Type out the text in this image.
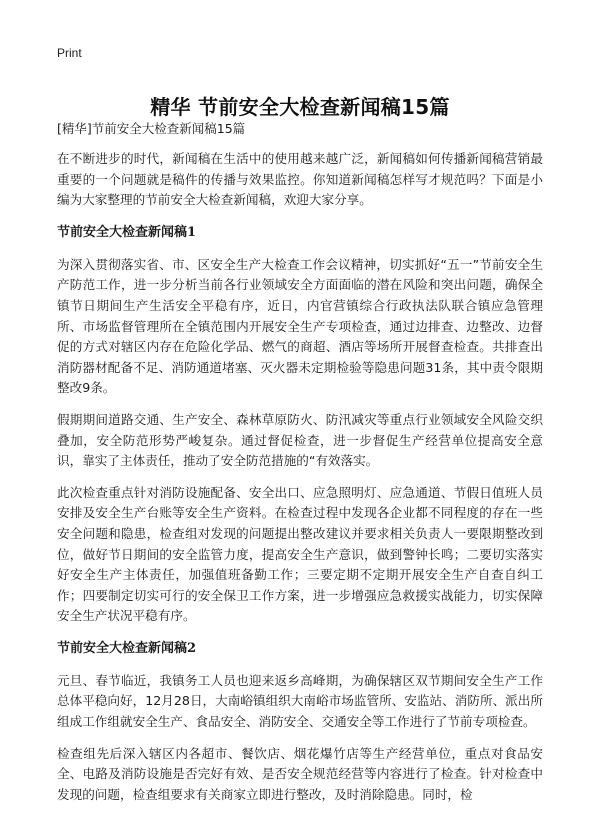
Print
精华 节前安全大检查新闻稿15篇
[精华]节前安全大检查新闻稿15篇

在不断进步的时代，新闻稿在生活中的使用越来越广泛，新闻稿如何传播新闻稿营销最重要的一个问题就是稿件的传播与效果监控。你知道新闻稿怎样写才规范吗？下面是小编为大家整理的节前安全大检查新闻稿，欢迎大家分享。

节前安全大检查新闻稿1

为深入贯彻落实省、市、区安全生产大检查工作会议精神，切实抓好“五一”节前安全生产防范工作，进一步分析当前各行业领域安全方面面临的潜在风险和突出问题，确保全镇节日期间生产生活安全平稳有序，近日，内官营镇综合行政执法队联合镇应急管理所、市场监督管理所在全镇范围内开展安全生产专项检查，通过边排查、边整改、边督促的方式对辖区内存在危险化学品、燃气的商超、酒店等场所开展督查检查。共排查出消防器材配备不足、消防通道堵塞、灭火器未定期检验等隐患问题31条，其中责令限期整改9条。

假期期间道路交通、生产安全、森林草原防火、防汛减灾等重点行业领域安全风险交织叠加，安全防范形势严峻复杂。通过督促检查，进一步督促生产经营单位提高安全意识，靠实了主体责任，推动了安全防范措施的“有效落实。

此次检查重点针对消防设施配备、安全出口、应急照明灯、应急通道、节假日值班人员安排及安全生产台账等安全生产资料。在检查过程中发现各企业都不同程度的存在一些安全问题和隐患，检查组对发现的问题提出整改建议并要求相关负责人一要限期整改到位，做好节日期间的安全监管力度，提高安全生产意识，做到警钟长鸣；二要切实落实好安全生产主体责任，加强值班备勤工作；三要定期不定期开展安全生产自查自纠工作；四要制定切实可行的安全保卫工作方案，进一步增强应急救援实战能力，切实保障安全生产状况平稳有序。

节前安全大检查新闻稿2

元旦、春节临近，我镇务工人员也迎来返乡高峰期，为确保辖区双节期间安全生产工作总体平稳向好，12月28日，大南峪镇组织大南峪市场监管所、安监站、消防所、派出所组成工作组就安全生产、食品安全、消防安全、交通安全等工作进行了节前专项检查。

检查组先后深入辖区内各超市、餐饮店、烟花爆竹店等生产经营单位，重点对食品安全、电路及消防设施是否完好有效、是否安全规范经营等内容进行了检查。针对检查中发现的问题，检查组要求有关商家立即进行整改，及时消除隐患。同时，检
